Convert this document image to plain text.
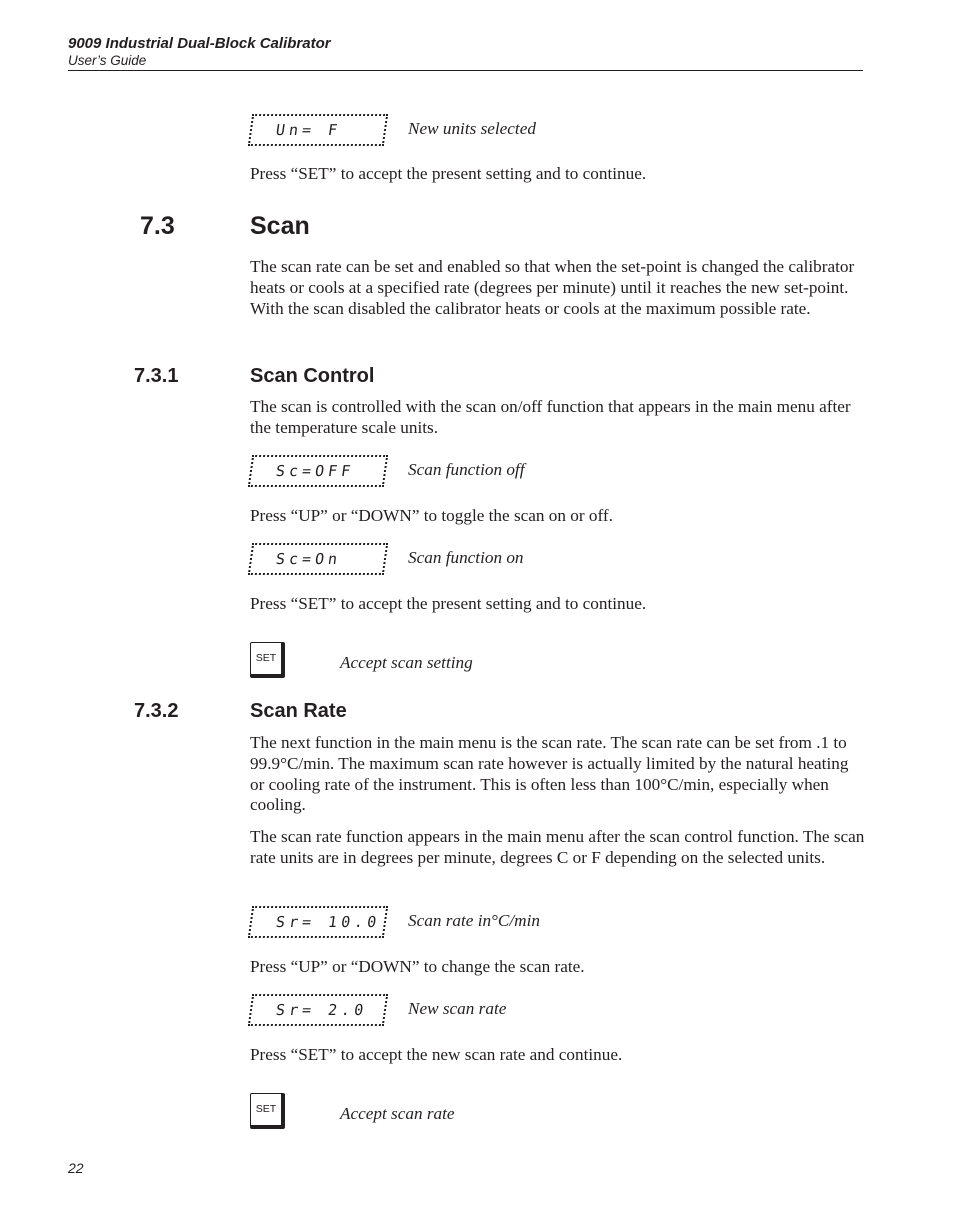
9009 Industrial Dual-Block Calibrator
User’s Guide
Un= F	New units selected
Press “SET” to accept the present setting and to continue.
7.3	Scan
The scan rate can be set and enabled so that when the set-point is changed the calibrator heats or cools at a specified rate (degrees per minute) until it reaches the new set-point. With the scan disabled the calibrator heats or cools at the maximum possible rate.
7.3.1	Scan Control
The scan is controlled with the scan on/off function that appears in the main menu after the temperature scale units.
Sc=OFF	Scan function off
Press “UP” or “DOWN” to toggle the scan on or off.
Sc=On	Scan function on
Press “SET” to accept the present setting and to continue.
SET	Accept scan setting
7.3.2	Scan Rate
The next function in the main menu is the scan rate. The scan rate can be set from .1 to 99.9°C/min. The maximum scan rate however is actually limited by the natural heating or cooling rate of the instrument. This is often less than 100°C/min, especially when cooling.
The scan rate function appears in the main menu after the scan control function. The scan rate units are in degrees per minute, degrees C or F depending on the selected units.
Sr= 10.0	Scan rate in°C/min
Press “UP” or “DOWN” to change the scan rate.
Sr= 2.0	New scan rate
Press “SET” to accept the new scan rate and continue.
SET	Accept scan rate
22
